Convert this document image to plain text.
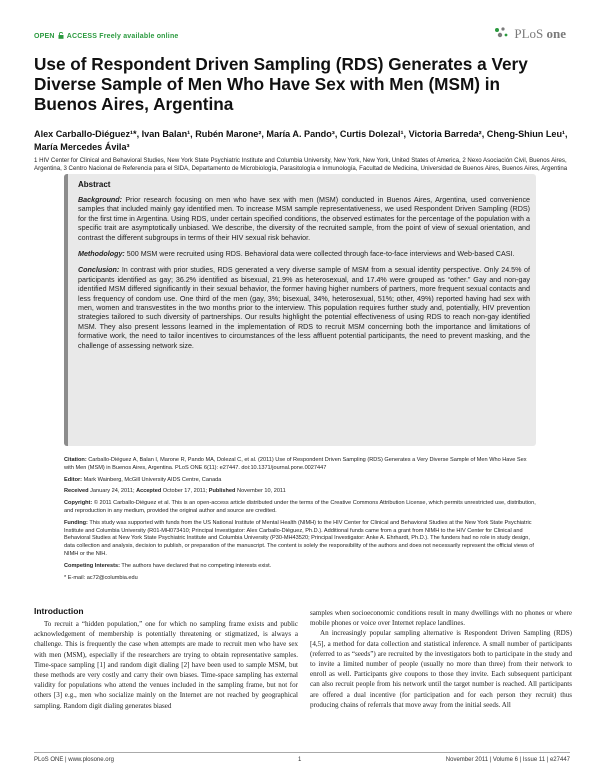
OPEN ACCESS Freely available online	PLoS one
Use of Respondent Driven Sampling (RDS) Generates a Very Diverse Sample of Men Who Have Sex with Men (MSM) in Buenos Aires, Argentina
Alex Carballo-Diéguez¹*, Ivan Balan¹, Rubén Marone², María A. Pando³, Curtis Dolezal¹, Victoria Barreda², Cheng-Shiun Leu¹, María Mercedes Ávila³
1 HIV Center for Clinical and Behavioral Studies, New York State Psychiatric Institute and Columbia University, New York, New York, United States of America, 2 Nexo Asociación Civil, Buenos Aires, Argentina, 3 Centro Nacional de Referencia para el SIDA, Departamento de Microbiología, Parasitología e Inmunología, Facultad de Medicina, Universidad de Buenos Aires, Buenos Aires, Argentina
Abstract

Background: Prior research focusing on men who have sex with men (MSM) conducted in Buenos Aires, Argentina, used convenience samples that included mainly gay identified men. To increase MSM sample representativeness, we used Respondent Driven Sampling (RDS) for the first time in Argentina. Using RDS, under certain specified conditions, the observed estimates for the percentage of the population with a specific trait are asymptotically unbiased. We describe, the diversity of the recruited sample, from the point of view of sexual orientation, and contrast the different subgroups in terms of their HIV sexual risk behavior.

Methodology: 500 MSM were recruited using RDS. Behavioral data were collected through face-to-face interviews and Web-based CASI.

Conclusion: In contrast with prior studies, RDS generated a very diverse sample of MSM from a sexual identity perspective. Only 24.5% of participants identified as gay; 36.2% identified as bisexual, 21.9% as heterosexual, and 17.4% were grouped as “other.” Gay and non-gay identified MSM differed significantly in their sexual behavior, the former having higher numbers of partners, more frequent sexual contacts and less frequency of condom use. One third of the men (gay, 3%; bisexual, 34%, heterosexual, 51%; other, 49%) reported having had sex with men, women and transvestites in the two months prior to the interview. This population requires further study and, potentially, HIV prevention strategies tailored to such diversity of partnerships. Our results highlight the potential effectiveness of using RDS to reach non-gay identified MSM. They also present lessons learned in the implementation of RDS to recruit MSM concerning both the importance and limitations of formative work, the need to tailor incentives to circumstances of the less affluent potential participants, the need to prevent masking, and the challenge of assessing network size.

Citation: Carballo-Diéguez A, Balan I, Marone R, Pando MA, Dolezal C, et al. (2011) Use of Respondent Driven Sampling (RDS) Generates a Very Diverse Sample of Men Who Have Sex with Men (MSM) in Buenos Aires, Argentina. PLoS ONE 6(11): e27447. doi:10.1371/journal.pone.0027447

Editor: Mark Wainberg, McGill University AIDS Centre, Canada

Received January 24, 2011; Accepted October 17, 2011; Published November 10, 2011

Copyright: © 2011 Carballo-Diéguez et al. This is an open-access article distributed under the terms of the Creative Commons Attribution License, which permits unrestricted use, distribution, and reproduction in any medium, provided the original author and source are credited.

Funding: This study was supported with funds from the US National Institute of Mental Health (NIMH) to the HIV Center for Clinical and Behavioral Studies at the New York State Psychiatric Institute and Columbia University (R01-MH073410; Principal Investigator: Alex Carballo-Diéguez, Ph.D.). Additional funds came from a grant from NIMH to the HIV Center for Clinical and Behavioral Studies at New York State Psychiatric Institute and Columbia University (P30-MH43520; Principal Investigator: Anke A. Ehrhardt, Ph.D.). The funders had no role in study design, data collection and analysis, decision to publish, or preparation of the manuscript. The content is solely the responsibility of the authors and does not necessarily represent the official views of NIMH or the NIH.

Competing Interests: The authors have declared that no competing interests exist.

* E-mail: ac72@columbia.edu

Introduction

To recruit a “hidden population,” one for which no sampling frame exists and public acknowledgement of membership is potentially threatening or stigmatized, is always a challenge. This is frequently the case when attempts are made to recruit men who have sex with men (MSM), especially if the researchers are trying to obtain representative samples. Time-space sampling [1] and random digit dialing [2] have been used to sample MSM, but these methods are very costly and carry their own biases. Time-space sampling has external validity for populations who attend the venues included in the sampling frame, but not for others [3] e.g., men who socialize mainly on the Internet are not reached by geographical sampling. Random digit dialing generates biased

samples when socioeconomic conditions result in many dwellings with no phones or where mobile phones or voice over Internet replace landlines.

An increasingly popular sampling alternative is Respondent Driven Sampling (RDS) [4,5], a method for data collection and statistical inference. A small number of participants (referred to as “seeds”) are recruited by the investigators both to participate in the study and to invite a limited number of people (usually no more than three) from their network to enroll as well. Participants give coupons to those they invite. Each subsequent participant can also recruit people from his network until the target number is reached. All participants are offered a dual incentive (for participation and for each person they recruit) thus producing chains of referrals that move away from the initial seeds. All

PLoS ONE | www.plosone.org	1	November 2011 | Volume 6 | Issue 11 | e27447
